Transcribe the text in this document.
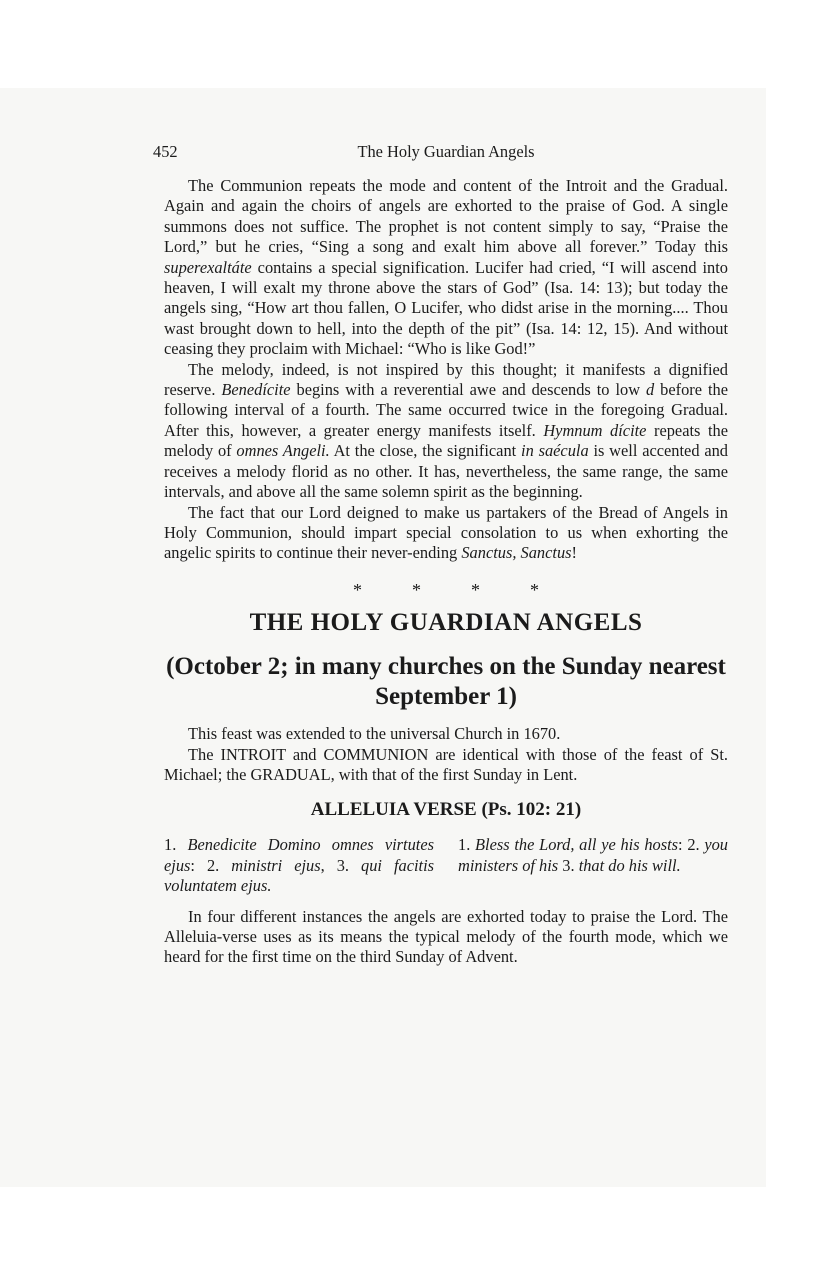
452	The Holy Guardian Angels

The Communion repeats the mode and content of the Introit and the Gradual. Again and again the choirs of angels are exhorted to the praise of God. A single summons does not suffice. The prophet is not content simply to say, “Praise the Lord,” but he cries, “Sing a song and exalt him above all forever.” Today this superexaltáte contains a special signification. Lucifer had cried, “I will ascend into heaven, I will exalt my throne above the stars of God” (Isa. 14: 13); but today the angels sing, “How art thou fallen, O Lucifer, who didst arise in the morning.... Thou wast brought down to hell, into the depth of the pit” (Isa. 14: 12, 15). And without ceasing they proclaim with Michael: “Who is like God!”

The melody, indeed, is not inspired by this thought; it manifests a dignified reserve. Benedícite begins with a reverential awe and descends to low d before the following interval of a fourth. The same occurred twice in the foregoing Gradual. After this, however, a greater energy manifests itself. Hymnum dícite repeats the melody of omnes Angeli. At the close, the significant in saécula is well accented and receives a melody florid as no other. It has, nevertheless, the same range, the same intervals, and above all the same solemn spirit as the beginning.

The fact that our Lord deigned to make us partakers of the Bread of Angels in Holy Communion, should impart special consolation to us when exhorting the angelic spirits to continue their never-ending Sanctus, Sanctus!

*	*	*	*
THE HOLY GUARDIAN ANGELS
(October 2; in many churches on the Sunday nearest September 1)

This feast was extended to the universal Church in 1670.

The INTROIT and COMMUNION are identical with those of the feast of St. Michael; the GRADUAL, with that of the first Sunday in Lent.

ALLELUIA VERSE (Ps. 102: 21)
1. Benedicite Domino omnes virtutes ejus: 2. ministri ejus, 3. qui facitis voluntatem ejus.
1. Bless the Lord, all ye his hosts: 2. you ministers of his 3. that do his will.

In four different instances the angels are exhorted today to praise the Lord. The Alleluia-verse uses as its means the typical melody of the fourth mode, which we heard for the first time on the third Sunday of Advent.
